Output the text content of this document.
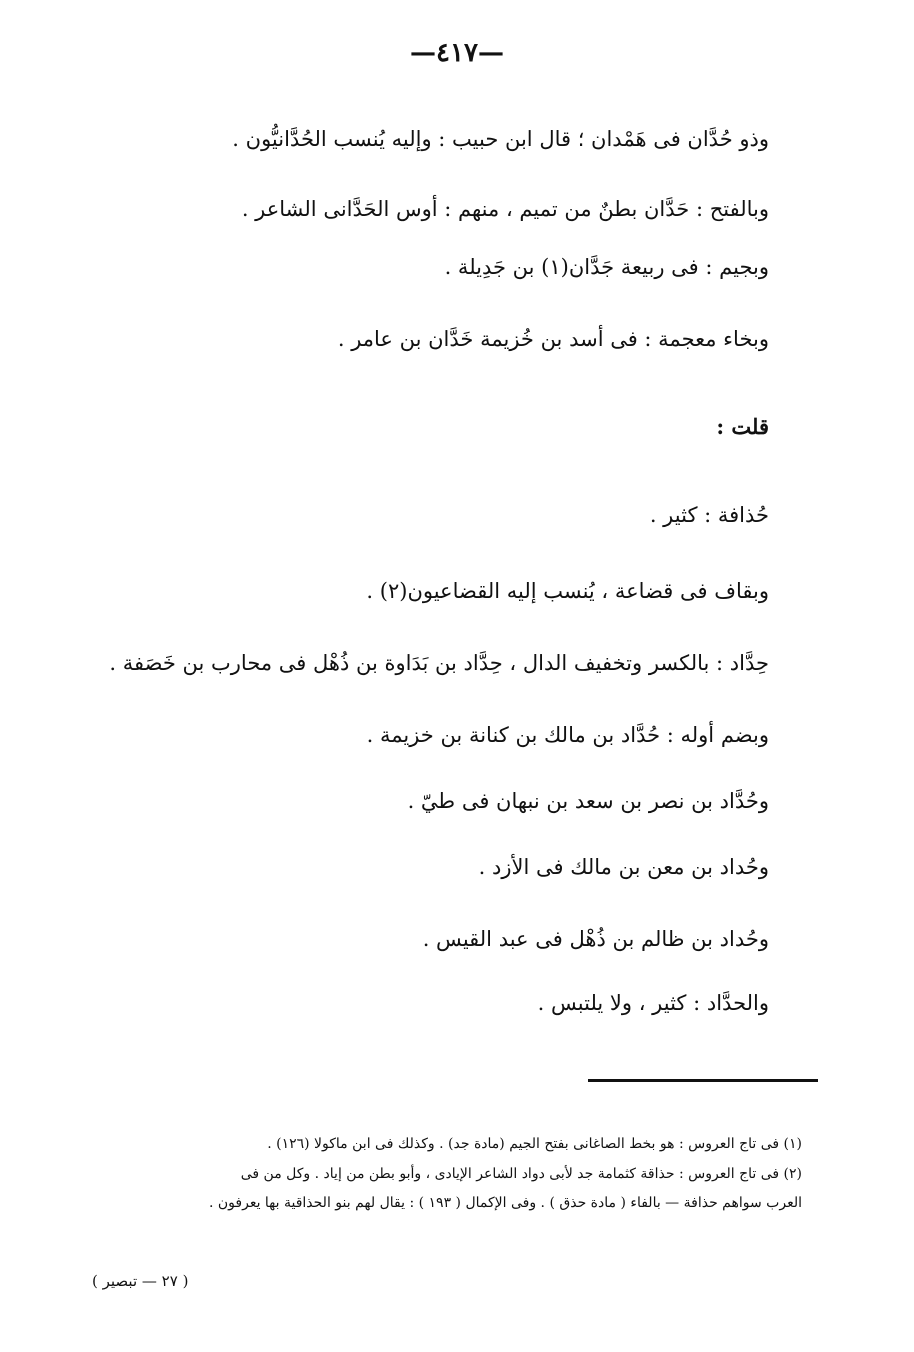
—٤١٧—
وذو حُدَّان فى هَمْدان ؛ قال ابن حبيب : وإليه يُنسب الحُدَّانيُّون .
وبالفتح : حَدَّان بطنٌ من تميم ، منهم : أوس الحَدَّانى الشاعر .
وبجيم : فى ربيعة جَدَّان(١) بن جَدِيلة .
وبخاء معجمة : فى أسد بن خُزيمة خَدَّان بن عامر .
قلت :
حُذافة : كثير .
وبقاف فى قضاعة ، يُنسب إليه القضاعيون(٢) .
حِدَّاد : بالكسر وتخفيف الدال ، حِدَّاد بن بَدَاوة بن ذُهْل فى محارب بن خَصَفة .
وبضم أوله : حُدَّاد بن مالك بن كنانة بن خزيمة .
وحُدَّاد بن نصر بن سعد بن نبهان فى طيّ .
وحُداد بن معن بن مالك فى الأزد .
وحُداد بن ظالم بن ذُهْل فى عبد القيس .
والحدَّاد : كثير ، ولا يلتبس .
(١) فى تاج العروس : هو بخط الصاغانى بفتح الجيم (مادة جد) . وكذلك فى ابن ماكولا (١٢٦) .
(٢) فى تاج العروس : حذاقة كثمامة جد لأبى دواد الشاعر الإيادى ، وأبو بطن من إياد . وكل من فى
العرب سواهم حذافة — بالفاء ( مادة حذق ) . وفى الإكمال ( ١٩٣ ) : يقال لهم بنو الحذاقية بها يعرفون .
( ٢٧ — تبصير )
